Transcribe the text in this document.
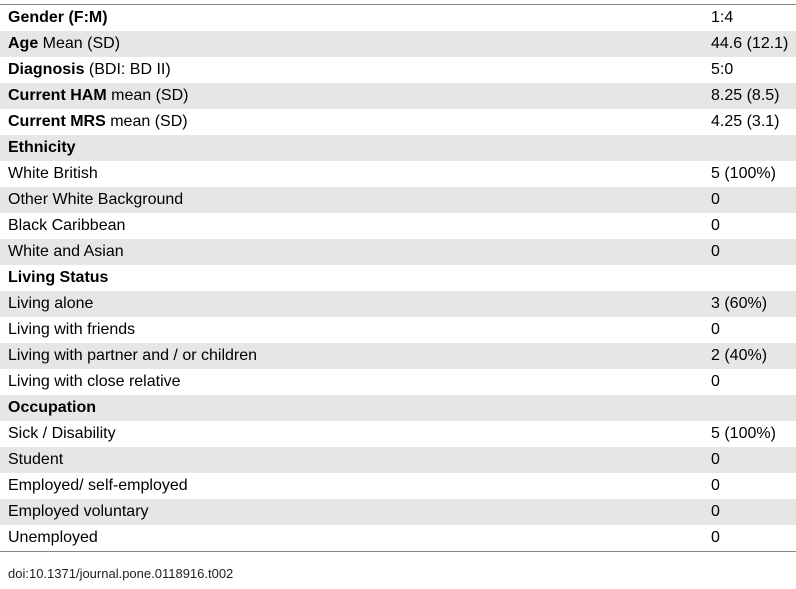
Gender (F:M)	1:4
Age Mean (SD)	44.6 (12.1)
Diagnosis (BDI: BD II)	5:0
Current HAM mean (SD)	8.25 (8.5)
Current MRS mean (SD)	4.25 (3.1)
Ethnicity
White British	5 (100%)
Other White Background	0
Black Caribbean	0
White and Asian	0
Living Status
Living alone	3 (60%)
Living with friends	0
Living with partner and / or children	2 (40%)
Living with close relative	0
Occupation
Sick / Disability	5 (100%)
Student	0
Employed/ self-employed	0
Employed voluntary	0
Unemployed	0
doi:10.1371/journal.pone.0118916.t002
